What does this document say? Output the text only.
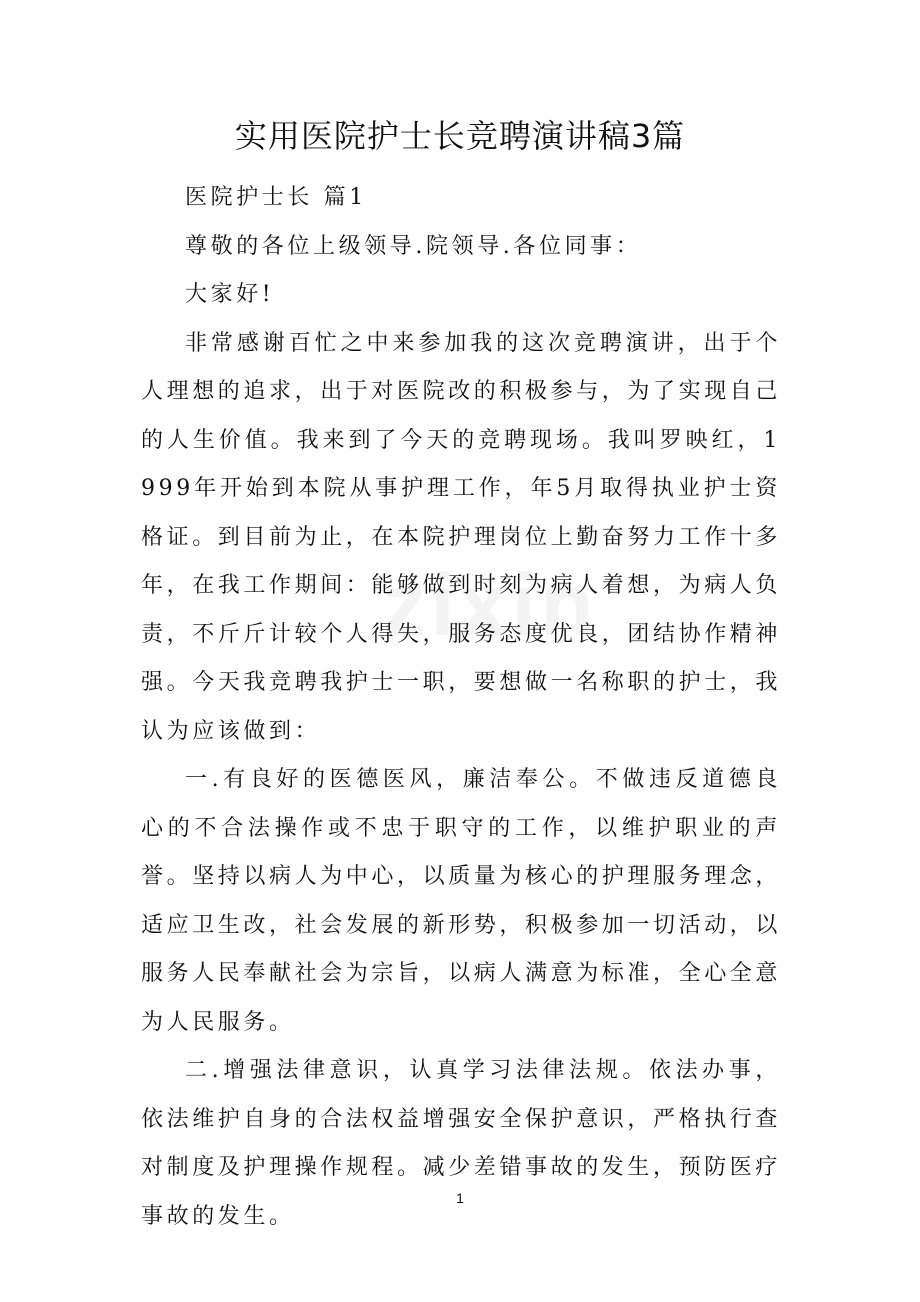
实用医院护士长竞聘演讲稿3篇

医院护士长 篇1

尊敬的各位上级领导.院领导.各位同事：

大家好!

非常感谢百忙之中来参加我的这次竞聘演讲，出于个人理想的追求，出于对医院改的积极参与，为了实现自己的人生价值。我来到了今天的竞聘现场。我叫罗映红，1999年开始到本院从事护理工作，年5月取得执业护士资格证。到目前为止，在本院护理岗位上勤奋努力工作十多年，在我工作期间：能够做到时刻为病人着想，为病人负责，不斤斤计较个人得失，服务态度优良，团结协作精神强。今天我竞聘我护士一职，要想做一名称职的护士，我认为应该做到：

一.有良好的医德医风，廉洁奉公。不做违反道德良心的不合法操作或不忠于职守的工作，以维护职业的声誉。坚持以病人为中心，以质量为核心的护理服务理念，适应卫生改，社会发展的新形势，积极参加一切活动，以服务人民奉献社会为宗旨，以病人满意为标准，全心全意为人民服务。

二.增强法律意识，认真学习法律法规。依法办事，依法维护自身的合法权益增强安全保护意识，严格执行查对制度及护理操作规程。减少差错事故的发生，预防医疗事故的发生。

1
